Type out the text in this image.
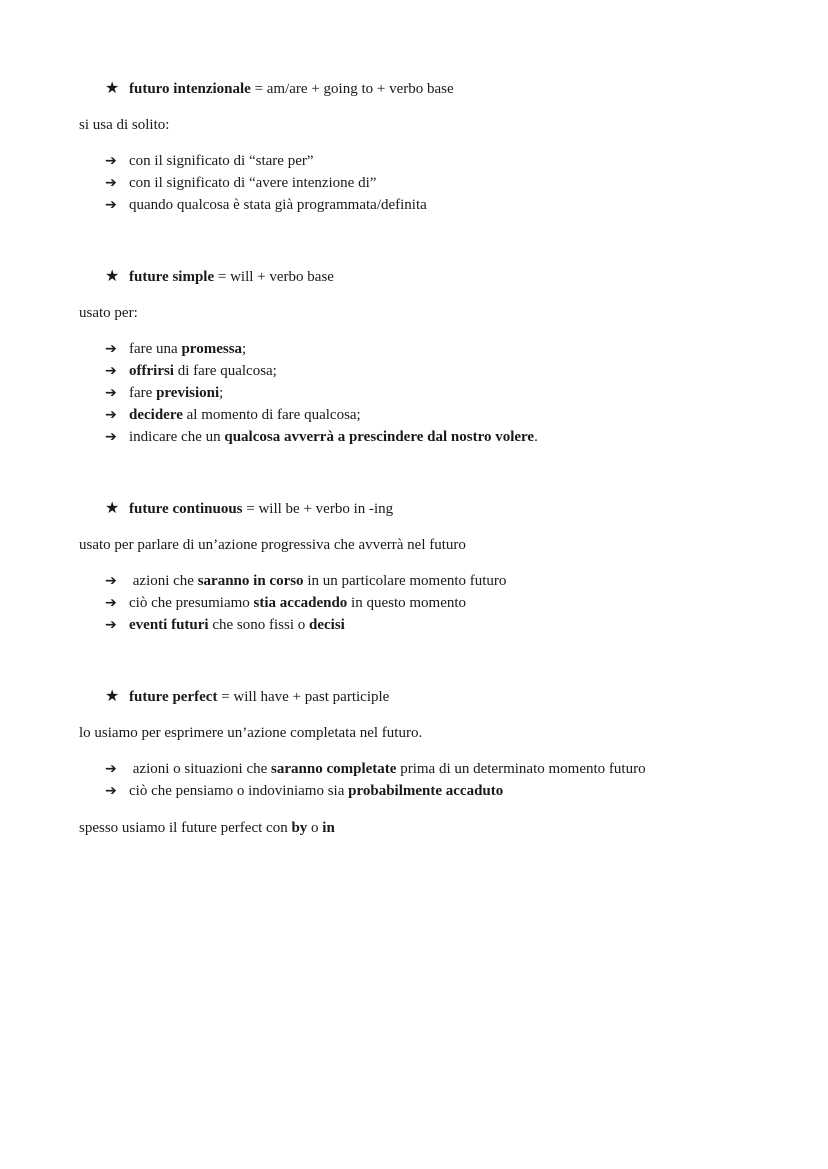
★ futuro intenzionale = am/are + going to + verbo base
si usa di solito:
➔ con il significato di “stare per”
➔ con il significato di “avere intenzione di”
➔ quando qualcosa è stata già programmata/definita
★ future simple = will + verbo base
usato per:
➔ fare una promessa;
➔ offrirsi di fare qualcosa;
➔ fare previsioni;
➔ decidere al momento di fare qualcosa;
➔ indicare che un qualcosa avverrà a prescindere dal nostro volere.
★ future continuous = will be + verbo in -ing
usato per parlare di un’azione progressiva che avverrà nel futuro
➔ azioni che saranno in corso in un particolare momento futuro
➔ ciò che presumiamo stia accadendo in questo momento
➔ eventi futuri che sono fissi o decisi
★ future perfect = will have + past participle
lo usiamo per esprimere un’azione completata nel futuro.
➔ azioni o situazioni che saranno completate prima di un determinato momento futuro
➔ ciò che pensiamo o indoviniamo sia probabilmente accaduto
spesso usiamo il future perfect con by o in
